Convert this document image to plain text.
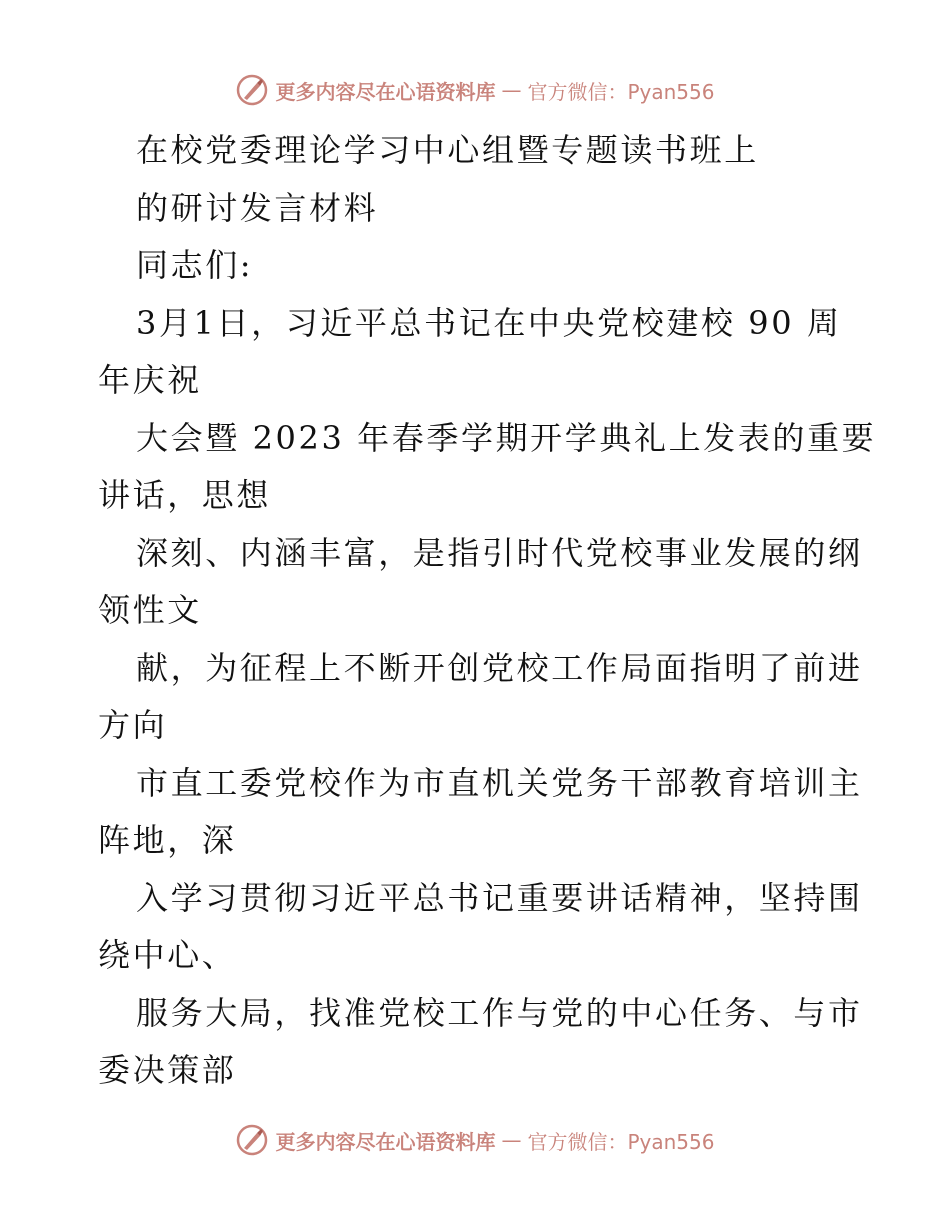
更多内容尽在心语资料库 — 官方微信：Pyan556
在校党委理论学习中心组暨专题读书班上
的研讨发言材料
同志们:
3月1日，习近平总书记在中央党校建校 90 周
年庆祝
大会暨 2023 年春季学期开学典礼上发表的重要
讲话，思想
深刻、内涵丰富，是指引时代党校事业发展的纲
领性文
献，为征程上不断开创党校工作局面指明了前进
方向
市直工委党校作为市直机关党务干部教育培训主
阵地，深
入学习贯彻习近平总书记重要讲话精神，坚持围
绕中心、
服务大局，找准党校工作与党的中心任务、与市
委决策部
更多内容尽在心语资料库 — 官方微信：Pyan556
